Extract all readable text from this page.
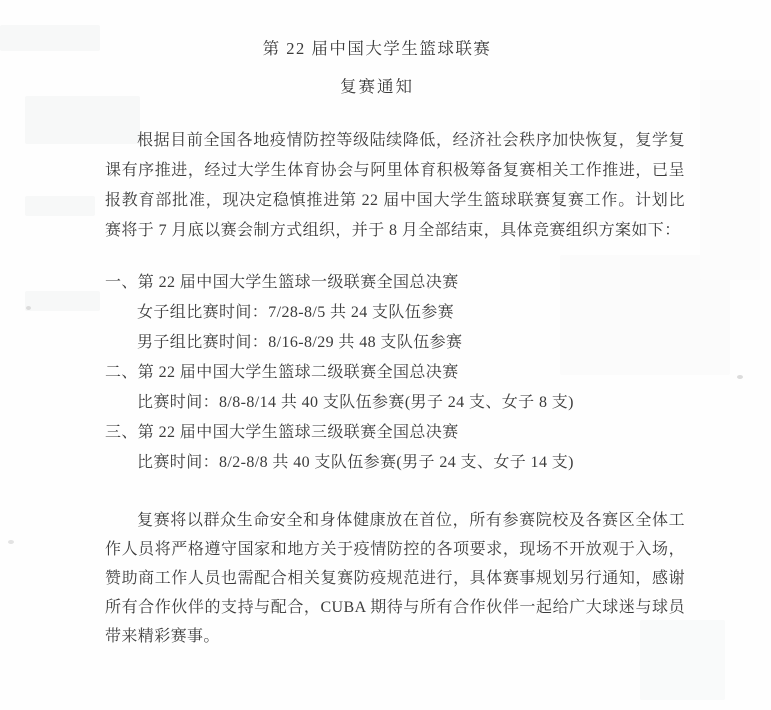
第 22 届中国大学生篮球联赛
复赛通知

根据目前全国各地疫情防控等级陆续降低，经济社会秩序加快恢复，复学复课有序推进，经过大学生体育协会与阿里体育积极筹备复赛相关工作推进，已呈报教育部批准，现决定稳慎推进第 22 届中国大学生篮球联赛复赛工作。计划比赛将于 7 月底以赛会制方式组织，并于 8 月全部结束，具体竞赛组织方案如下：

一、第 22 届中国大学生篮球一级联赛全国总决赛
女子组比赛时间：7/28-8/5 共 24 支队伍参赛
男子组比赛时间：8/16-8/29 共 48 支队伍参赛
二、第 22 届中国大学生篮球二级联赛全国总决赛
比赛时间：8/8-8/14 共 40 支队伍参赛(男子 24 支、女子 8 支)
三、第 22 届中国大学生篮球三级联赛全国总决赛
比赛时间：8/2-8/8 共 40 支队伍参赛(男子 24 支、女子 14 支)

复赛将以群众生命安全和身体健康放在首位，所有参赛院校及各赛区全体工作人员将严格遵守国家和地方关于疫情防控的各项要求，现场不开放观于入场，赞助商工作人员也需配合相关复赛防疫规范进行，具体赛事规划另行通知，感谢所有合作伙伴的支持与配合，CUBA 期待与所有合作伙伴一起给广大球迷与球员带来精彩赛事。
